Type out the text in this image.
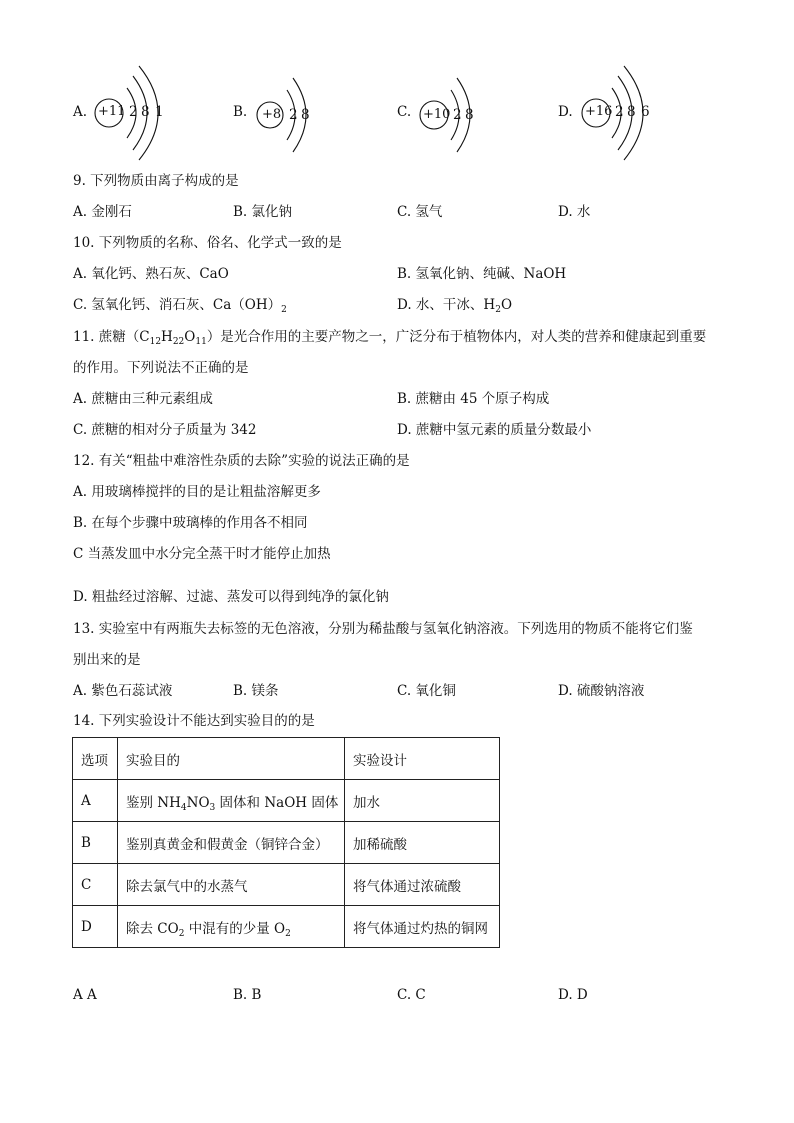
A. +11 2 8 1	B. +8 2 8	C. +10 2 8	D. +16 2 8 6
9. 下列物质由离子构成的是
A. 金刚石	B. 氯化钠	C. 氢气	D. 水
10. 下列物质的名称、俗名、化学式一致的是
A. 氧化钙、熟石灰、CaO	B. 氢氧化钠、纯碱、NaOH
C. 氢氧化钙、消石灰、$Ca(OH)_2$	D. 水、干冰、$H_2O$
11. 蔗糖$(C_{12}H_{22}O_{11})$是光合作用的主要产物之一，广泛分布于植物体内，对人类的营养和健康起到重要
的作用。下列说法不正确的是
A. 蔗糖由三种元素组成	B. 蔗糖由 45 个原子构成
C. 蔗糖的相对分子质量为 342	D. 蔗糖中氢元素的质量分数最小
12. 有关“粗盐中难溶性杂质的去除”实验的说法正确的是
A. 用玻璃棒搅拌的目的是让粗盐溶解更多
B. 在每个步骤中玻璃棒的作用各不相同
C 当蒸发皿中水分完全蒸干时才能停止加热
D. 粗盐经过溶解、过滤、蒸发可以得到纯净的氯化钠
13. 实验室中有两瓶失去标签的无色溶液，分别为稀盐酸与氢氧化钠溶液。下列选用的物质不能将它们鉴
别出来的是
A. 紫色石蕊试液	B. 镁条	C. 氧化铜	D. 硫酸钠溶液
14. 下列实验设计不能达到实验目的的是
选项	实验目的	实验设计
A	鉴别 $NH_4NO_3$ 固体和 NaOH 固体	加水
B	鉴别真黄金和假黄金（铜锌合金）	加稀硫酸
C	除去氯气中的水蒸气	将气体通过浓硫酸
D	除去 $CO_2$ 中混有的少量 $O_2$	将气体通过灼热的铜网
A A	B. B	C. C	D. D
